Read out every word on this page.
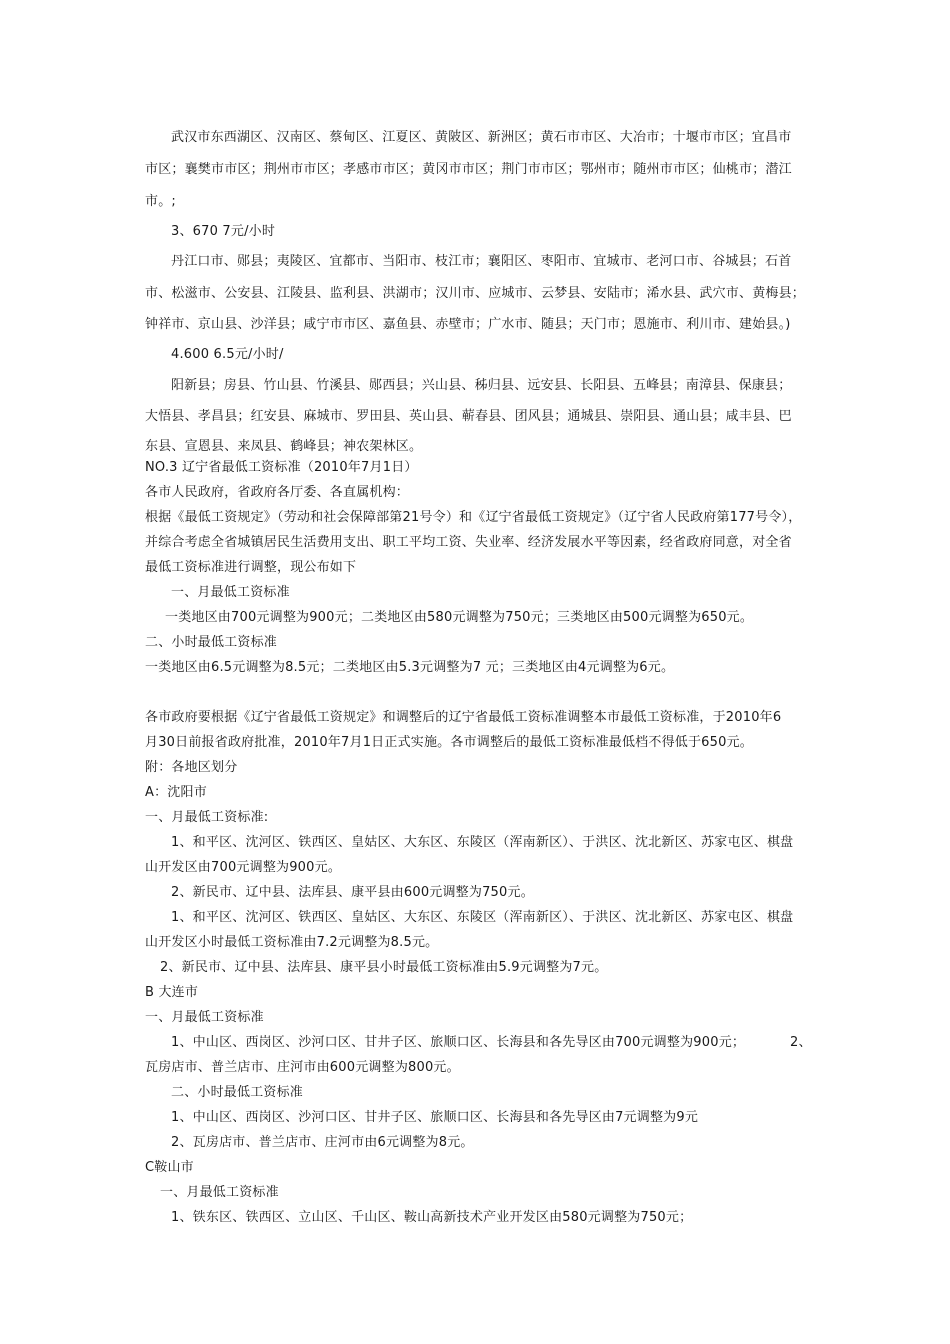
武汉市东西湖区、汉南区、蔡甸区、江夏区、黄陂区、新洲区；黄石市市区、大冶市；十堰市市区；宜昌市
市区；襄樊市市区；荆州市市区；孝感市市区；黄冈市市区；荆门市市区；鄂州市；随州市市区；仙桃市；潜江
市。;
3、670 7元/小时
丹江口市、郧县；夷陵区、宜都市、当阳市、枝江市；襄阳区、枣阳市、宜城市、老河口市、谷城县；石首
市、松滋市、公安县、江陵县、监利县、洪湖市；汉川市、应城市、云梦县、安陆市；浠水县、武穴市、黄梅县；
钟祥市、京山县、沙洋县；咸宁市市区、嘉鱼县、赤壁市；广水市、随县；天门市；恩施市、利川市、建始县。)
4.600 6.5元/小时/
阳新县；房县、竹山县、竹溪县、郧西县；兴山县、秭归县、远安县、长阳县、五峰县；南漳县、保康县；
大悟县、孝昌县；红安县、麻城市、罗田县、英山县、蕲春县、团风县；通城县、崇阳县、通山县；咸丰县、巴
东县、宣恩县、来凤县、鹤峰县；神农架林区。
NO.3 辽宁省最低工资标准（2010年7月1日）
各市人民政府，省政府各厅委、各直属机构：
根据《最低工资规定》（劳动和社会保障部第21号令）和《辽宁省最低工资规定》（辽宁省人民政府第177号令），
并综合考虑全省城镇居民生活费用支出、职工平均工资、失业率、经济发展水平等因素，经省政府同意，对全省
最低工资标准进行调整，现公布如下
一、月最低工资标准
一类地区由700元调整为900元；二类地区由580元调整为750元；三类地区由500元调整为650元。
二、小时最低工资标准
一类地区由6.5元调整为8.5元；二类地区由5.3元调整为7 元；三类地区由4元调整为6元。
各市政府要根据《辽宁省最低工资规定》和调整后的辽宁省最低工资标准调整本市最低工资标准，于2010年6
月30日前报省政府批准，2010年7月1日正式实施。各市调整后的最低工资标准最低档不得低于650元。
附：各地区划分
A：沈阳市
一、月最低工资标准:
1、和平区、沈河区、铁西区、皇姑区、大东区、东陵区（浑南新区）、于洪区、沈北新区、苏家屯区、棋盘
山开发区由700元调整为900元。
2、新民市、辽中县、法库县、康平县由600元调整为750元。
1、和平区、沈河区、铁西区、皇姑区、大东区、东陵区（浑南新区）、于洪区、沈北新区、苏家屯区、棋盘
山开发区小时最低工资标准由7.2元调整为8.5元。
2、新民市、辽中县、法库县、康平县小时最低工资标准由5.9元调整为7元。
B 大连市
一、月最低工资标准
1、中山区、西岗区、沙河口区、甘井子区、旅顺口区、长海县和各先导区由700元调整为900元；	2、
瓦房店市、普兰店市、庄河市由600元调整为800元。
二、小时最低工资标准
1、中山区、西岗区、沙河口区、甘井子区、旅顺口区、长海县和各先导区由7元调整为9元
2、瓦房店市、普兰店市、庄河市由6元调整为8元。
C鞍山市
一、月最低工资标准
1、铁东区、铁西区、立山区、千山区、鞍山高新技术产业开发区由580元调整为750元；
